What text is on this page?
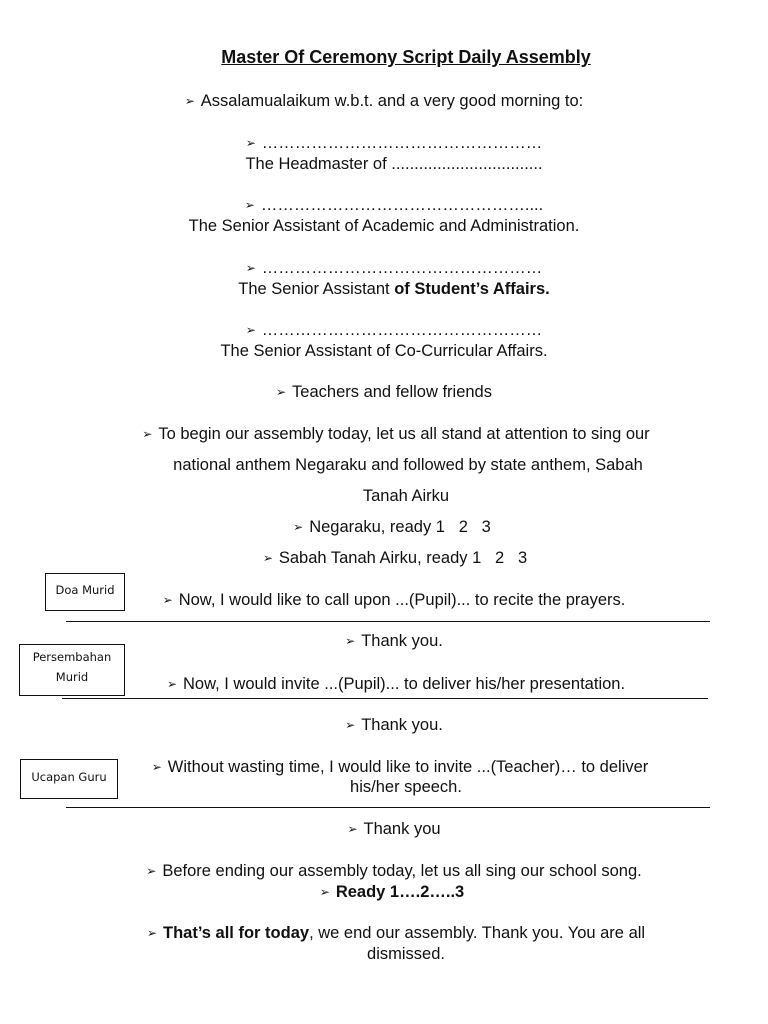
Master Of Ceremony Script Daily Assembly
➢ Assalamualaikum w.b.t. and a very good morning to:
➢ ……………………………………………
The Headmaster of .................................
➢ …………………………………………....
The Senior Assistant of Academic and Administration.
➢ ……………………………………………
The Senior Assistant of Student’s Affairs.
➢ ……………………………………………
The Senior Assistant of Co-Curricular Affairs.
➢ Teachers and fellow friends
➢ To begin our assembly today, let us all stand at attention to sing our
national anthem Negaraku and followed by state anthem, Sabah
Tanah Airku
➢ Negaraku, ready 1   2   3
➢ Sabah Tanah Airku, ready 1   2   3
Doa Murid
➢ Now, I would like to call upon ...(Pupil)... to recite the prayers.
➢ Thank you.
Persembahan
Murid	➢ Now, I would invite ...(Pupil)... to deliver his/her presentation.
➢ Thank you.
Ucapan Guru
➢ Without wasting time, I would like to invite ...(Teacher)… to deliver
his/her speech.
➢ Thank you
➢ Before ending our assembly today, let us all sing our school song.
➢ Ready 1….2…..3
➢ That’s all for today, we end our assembly. Thank you. You are all
dismissed.
